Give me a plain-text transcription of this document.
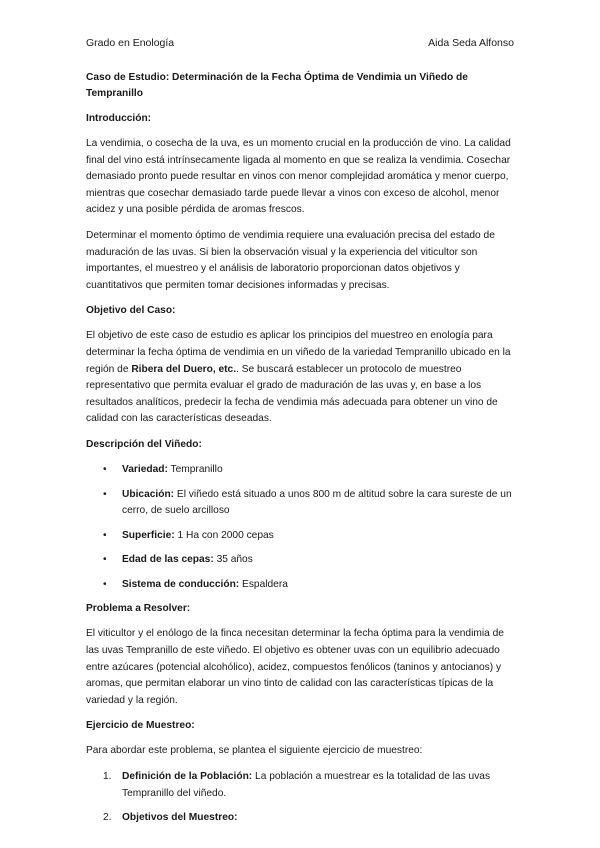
Grado en Enología	Aida Seda Alfonso
Caso de Estudio: Determinación de la Fecha Óptima de Vendimia un Viñedo de Tempranillo
Introducción:
La vendimia, o cosecha de la uva, es un momento crucial en la producción de vino. La calidad final del vino está intrínsecamente ligada al momento en que se realiza la vendimia. Cosechar demasiado pronto puede resultar en vinos con menor complejidad aromática y menor cuerpo, mientras que cosechar demasiado tarde puede llevar a vinos con exceso de alcohol, menor acidez y una posible pérdida de aromas frescos.
Determinar el momento óptimo de vendimia requiere una evaluación precisa del estado de maduración de las uvas. Si bien la observación visual y la experiencia del viticultor son importantes, el muestreo y el análisis de laboratorio proporcionan datos objetivos y cuantitativos que permiten tomar decisiones informadas y precisas.
Objetivo del Caso:
El objetivo de este caso de estudio es aplicar los principios del muestreo en enología para determinar la fecha óptima de vendimia en un viñedo de la variedad Tempranillo ubicado en la región de Ribera del Duero, etc.. Se buscará establecer un protocolo de muestreo representativo que permita evaluar el grado de maduración de las uvas y, en base a los resultados analíticos, predecir la fecha de vendimia más adecuada para obtener un vino de calidad con las características deseadas.
Descripción del Viñedo:
• Variedad: Tempranillo
• Ubicación: El viñedo está situado a unos 800 m de altitud sobre la cara sureste de un cerro, de suelo arcilloso
• Superficie: 1 Ha con 2000 cepas
• Edad de las cepas: 35 años
• Sistema de conducción: Espaldera
Problema a Resolver:
El viticultor y el enólogo de la finca necesitan determinar la fecha óptima para la vendimia de las uvas Tempranillo de este viñedo. El objetivo es obtener uvas con un equilibrio adecuado entre azúcares (potencial alcohólico), acidez, compuestos fenólicos (taninos y antocianos) y aromas, que permitan elaborar un vino tinto de calidad con las características típicas de la variedad y la región.
Ejercicio de Muestreo:
Para abordar este problema, se plantea el siguiente ejercicio de muestreo:
1. Definición de la Población: La población a muestrear es la totalidad de las uvas Tempranillo del viñedo.
2. Objetivos del Muestreo:
